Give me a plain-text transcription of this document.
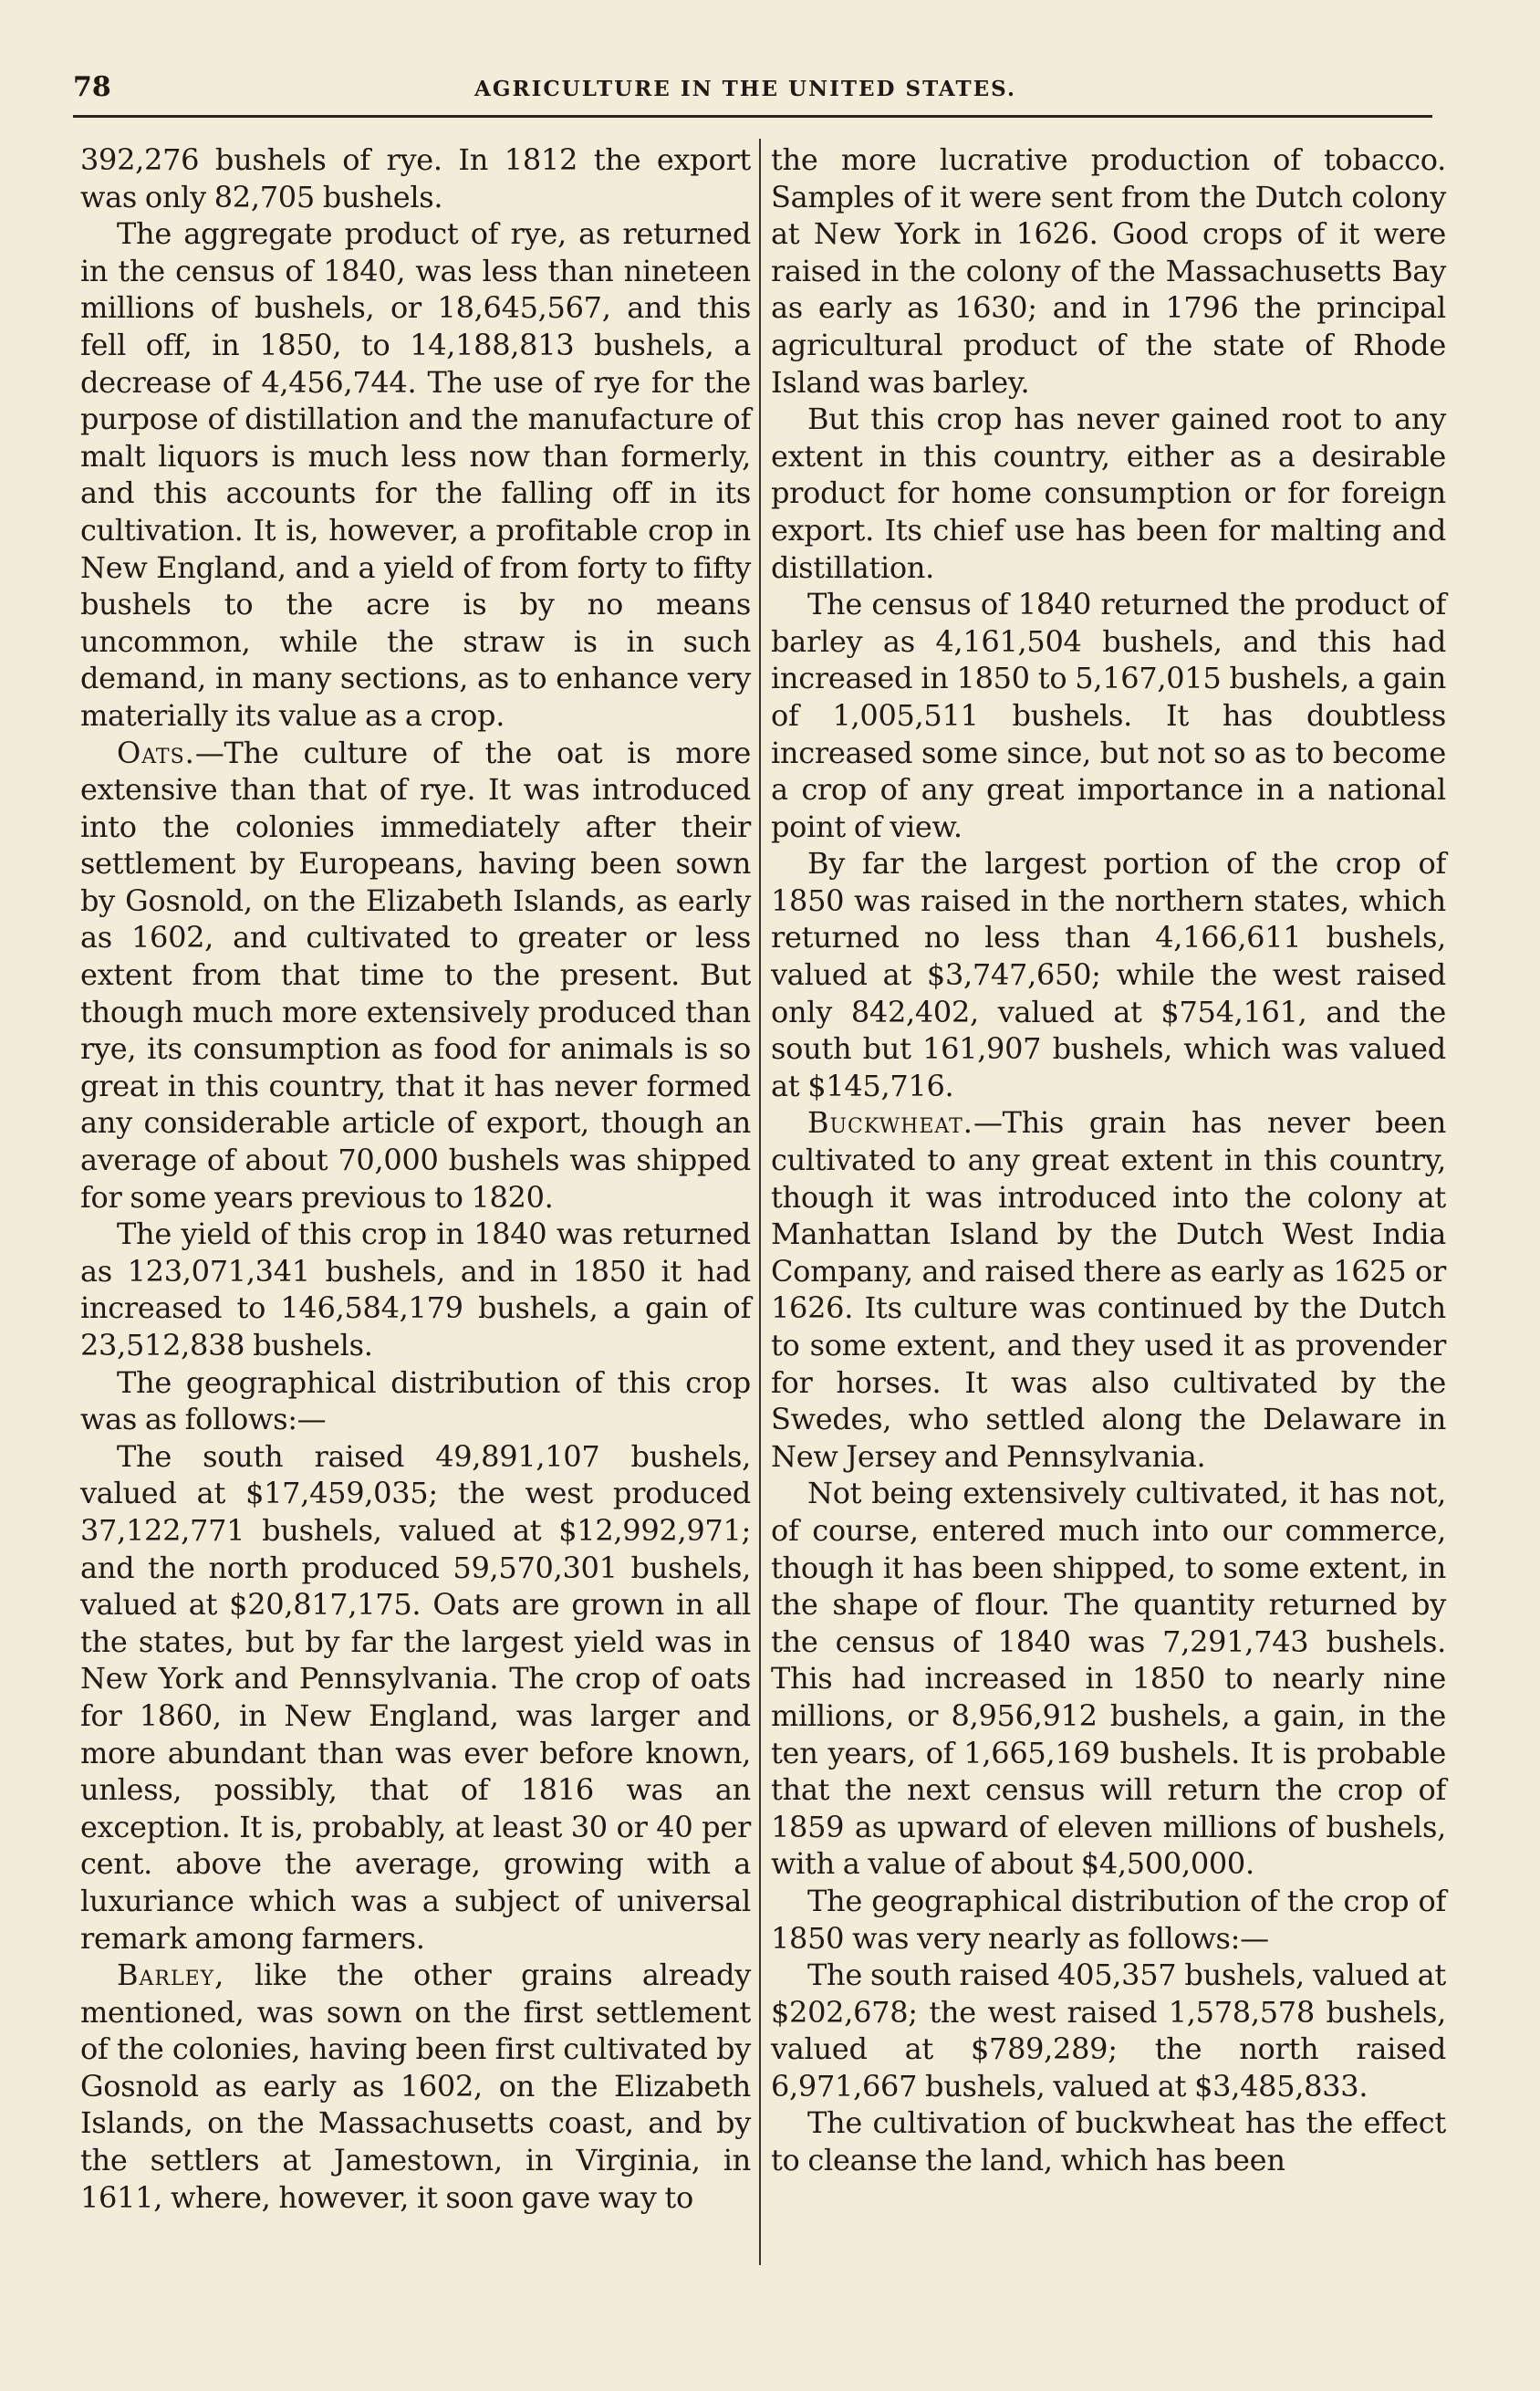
78	AGRICULTURE IN THE UNITED STATES.

392,276 bushels of rye. In 1812 the export was only 82,705 bushels.

The aggregate product of rye, as returned in the census of 1840, was less than nineteen millions of bushels, or 18,645,567, and this fell off, in 1850, to 14,188,813 bushels, a decrease of 4,456,744. The use of rye for the purpose of distillation and the manufacture of malt liquors is much less now than formerly, and this accounts for the falling off in its cultivation. It is, however, a profitable crop in New England, and a yield of from forty to fifty bushels to the acre is by no means uncommon, while the straw is in such demand, in many sections, as to enhance very materially its value as a crop.

Oats.—The culture of the oat is more extensive than that of rye. It was introduced into the colonies immediately after their settlement by Europeans, having been sown by Gosnold, on the Elizabeth Islands, as early as 1602, and cultivated to greater or less extent from that time to the present. But though much more extensively produced than rye, its consumption as food for animals is so great in this country, that it has never formed any considerable article of export, though an average of about 70,000 bushels was shipped for some years previous to 1820.

The yield of this crop in 1840 was returned as 123,071,341 bushels, and in 1850 it had increased to 146,584,179 bushels, a gain of 23,512,838 bushels.

The geographical distribution of this crop was as follows:—

The south raised 49,891,107 bushels, valued at $17,459,035; the west produced 37,122,771 bushels, valued at $12,992,971; and the north produced 59,570,301 bushels, valued at $20,817,175. Oats are grown in all the states, but by far the largest yield was in New York and Pennsylvania. The crop of oats for 1860, in New England, was larger and more abundant than was ever before known, unless, possibly, that of 1816 was an exception. It is, probably, at least 30 or 40 per cent. above the average, growing with a luxuriance which was a subject of universal remark among farmers.

Barley, like the other grains already mentioned, was sown on the first settlement of the colonies, having been first cultivated by Gosnold as early as 1602, on the Elizabeth Islands, on the Massachusetts coast, and by the settlers at Jamestown, in Virginia, in 1611, where, however, it soon gave way to

the more lucrative production of tobacco. Samples of it were sent from the Dutch colony at New York in 1626. Good crops of it were raised in the colony of the Massachusetts Bay as early as 1630; and in 1796 the principal agricultural product of the state of Rhode Island was barley.

But this crop has never gained root to any extent in this country, either as a desirable product for home consumption or for foreign export. Its chief use has been for malting and distillation.

The census of 1840 returned the product of barley as 4,161,504 bushels, and this had increased in 1850 to 5,167,015 bushels, a gain of 1,005,511 bushels. It has doubtless increased some since, but not so as to become a crop of any great importance in a national point of view.

By far the largest portion of the crop of 1850 was raised in the northern states, which returned no less than 4,166,611 bushels, valued at $3,747,650; while the west raised only 842,402, valued at $754,161, and the south but 161,907 bushels, which was valued at $145,716.

Buckwheat.—This grain has never been cultivated to any great extent in this country, though it was introduced into the colony at Manhattan Island by the Dutch West India Company, and raised there as early as 1625 or 1626. Its culture was continued by the Dutch to some extent, and they used it as provender for horses. It was also cultivated by the Swedes, who settled along the Delaware in New Jersey and Pennsylvania.

Not being extensively cultivated, it has not, of course, entered much into our commerce, though it has been shipped, to some extent, in the shape of flour. The quantity returned by the census of 1840 was 7,291,743 bushels. This had increased in 1850 to nearly nine millions, or 8,956,912 bushels, a gain, in the ten years, of 1,665,169 bushels. It is probable that the next census will return the crop of 1859 as upward of eleven millions of bushels, with a value of about $4,500,000.

The geographical distribution of the crop of 1850 was very nearly as follows:—

The south raised 405,357 bushels, valued at $202,678; the west raised 1,578,578 bushels, valued at $789,289; the north raised 6,971,667 bushels, valued at $3,485,833.

The cultivation of buckwheat has the effect to cleanse the land, which has been
